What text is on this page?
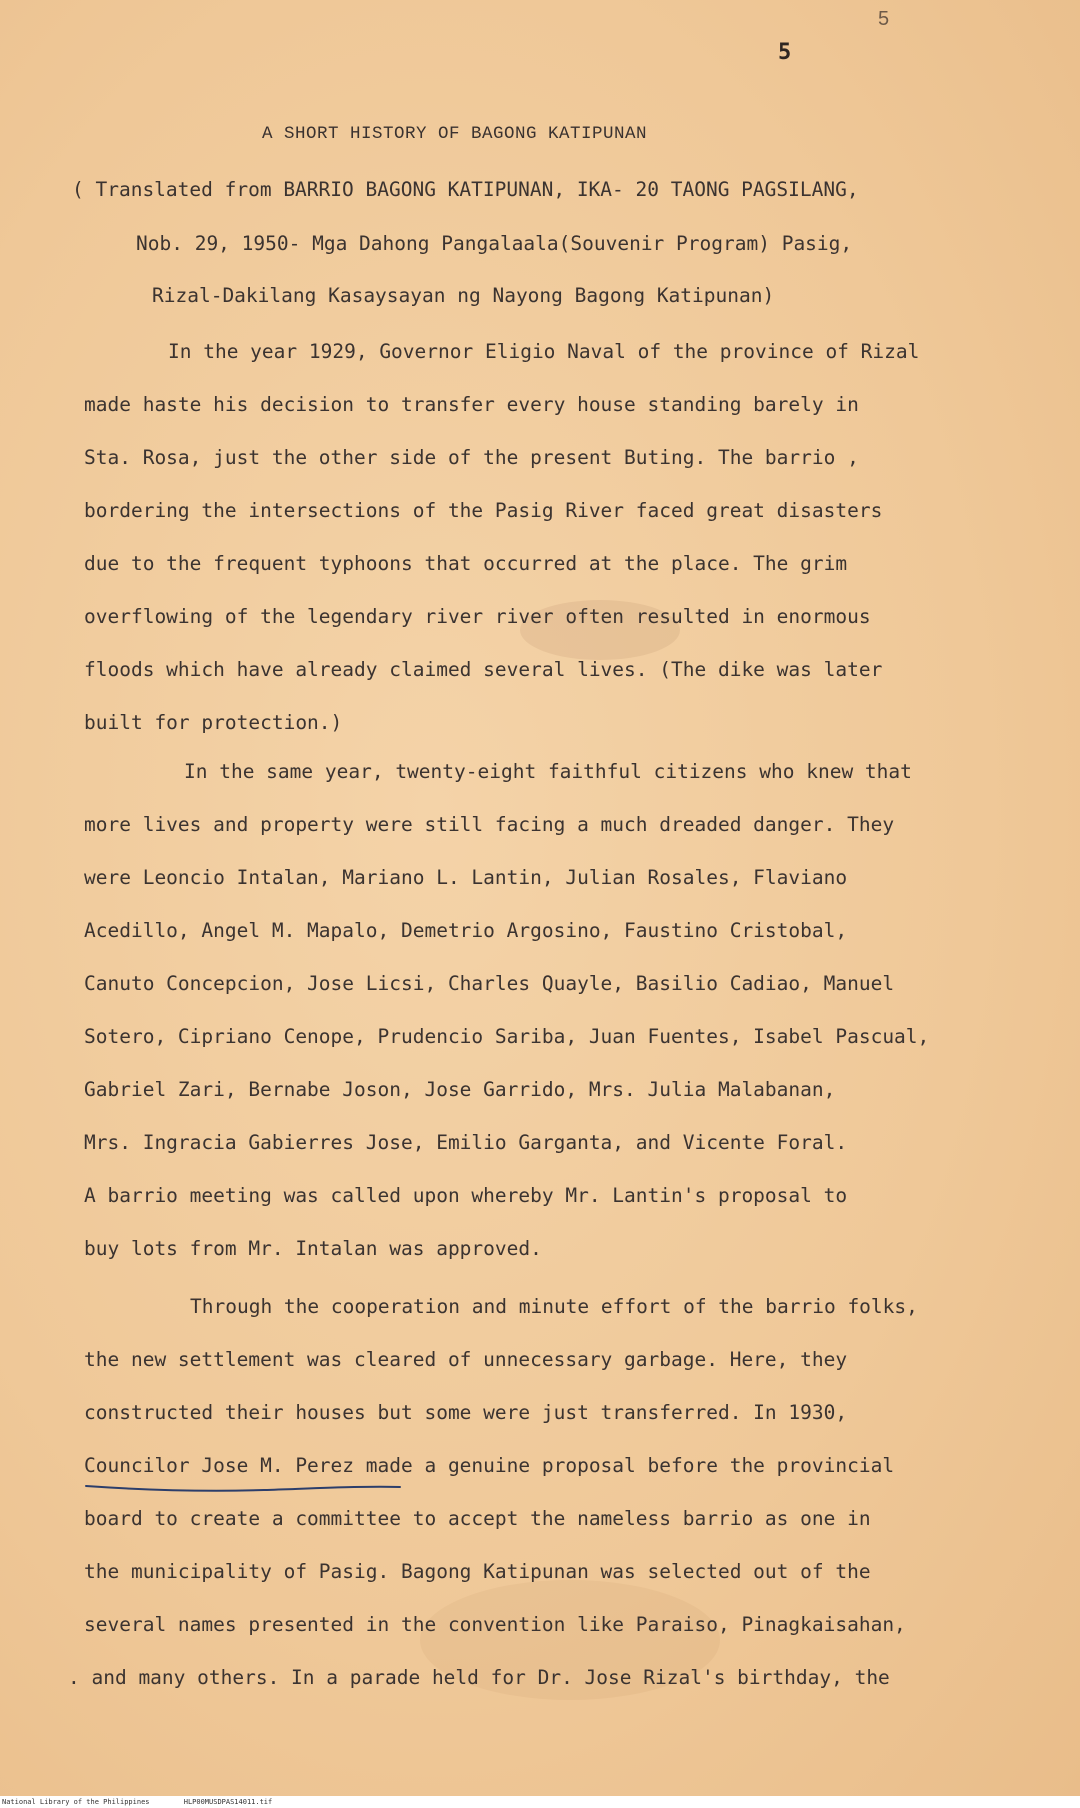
5
5
A SHORT HISTORY OF BAGONG KATIPUNAN
( Translated from BARRIO BAGONG KATIPUNAN, IKA- 20 TAONG PAGSILANG,
Nob. 29, 1950- Mga Dahong Pangalaala(Souvenir Program) Pasig,
Rizal-Dakilang Kasaysayan ng Nayong Bagong Katipunan)
In the year 1929, Governor Eligio Naval of the province of Rizal
made haste his decision to transfer every house standing barely in
Sta. Rosa, just the other side of the present Buting. The barrio ,
bordering the intersections of the Pasig River faced great disasters
due to the frequent typhoons that occurred at the place. The grim
overflowing of the legendary river river often resulted in enormous
floods which have already claimed several lives. (The dike was later
built for protection.)
In the same year, twenty-eight faithful citizens who knew that
more lives and property were still facing a much dreaded danger. They
were Leoncio Intalan, Mariano L. Lantin, Julian Rosales, Flaviano
Acedillo, Angel M. Mapalo, Demetrio Argosino, Faustino Cristobal,
Canuto Concepcion, Jose Licsi, Charles Quayle, Basilio Cadiao, Manuel
Sotero, Cipriano Cenope, Prudencio Sariba, Juan Fuentes, Isabel Pascual,
Gabriel Zari, Bernabe Joson, Jose Garrido, Mrs. Julia Malabanan,
Mrs. Ingracia Gabierres Jose, Emilio Garganta, and Vicente Foral.
A barrio meeting was called upon whereby Mr. Lantin's proposal to
buy lots from Mr. Intalan was approved.
Through the cooperation and minute effort of the barrio folks,
the new settlement was cleared of unnecessary garbage. Here, they
constructed their houses but some were just transferred. In 1930,
Councilor Jose M. Perez made a genuine proposal before the provincial
board to create a committee to accept the nameless barrio as one in
the municipality of Pasig. Bagong Katipunan was selected out of the
several names presented in the convention like Paraiso, Pinagkaisahan,
. and many others. In a parade held for Dr. Jose Rizal's birthday, the
National Library of the Philippines	HLP00MUSDPAS14011.tif
